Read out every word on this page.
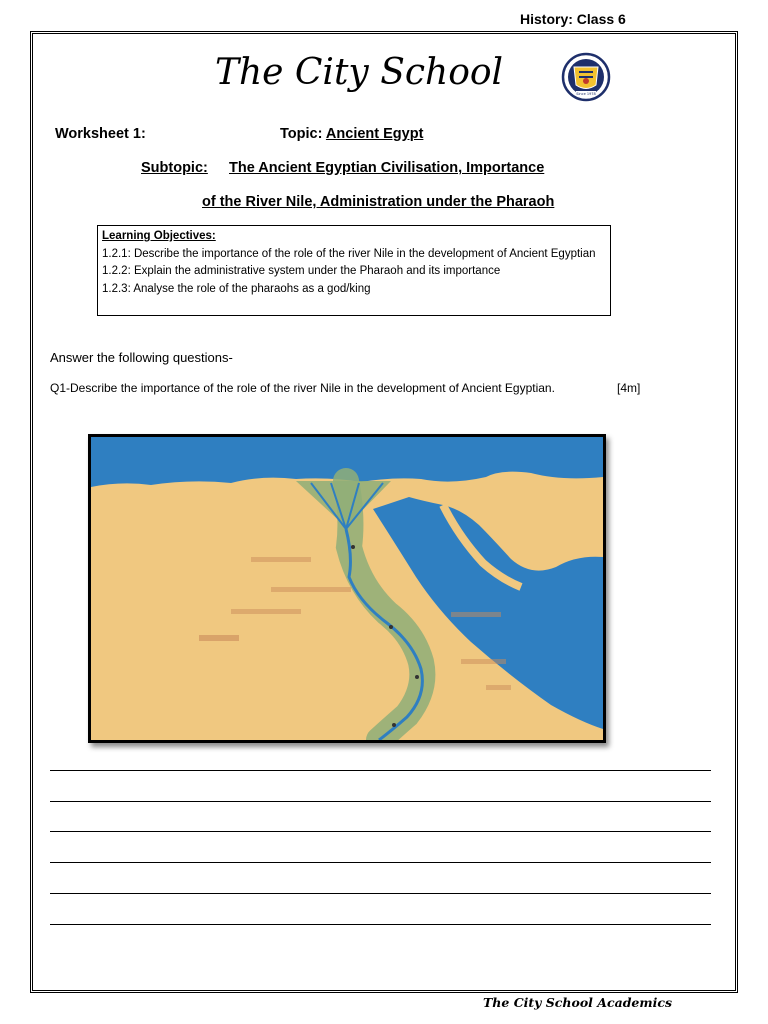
History: Class 6
The City School
Since 1978
Worksheet 1:	Topic: Ancient Egypt
Subtopic: The Ancient Egyptian Civilisation, Importance
of the River Nile, Administration under the Pharaoh
Learning Objectives:
1.2.1: Describe the importance of the role of the river Nile in the development of Ancient Egyptian
1.2.2: Explain the administrative system under the Pharaoh and its importance
1.2.3: Analyse the role of the pharaohs as a god/king
Answer the following questions-
Q1-Describe the importance of the role of the river Nile in the development of Ancient Egyptian.	[4m]
The City School Academics
